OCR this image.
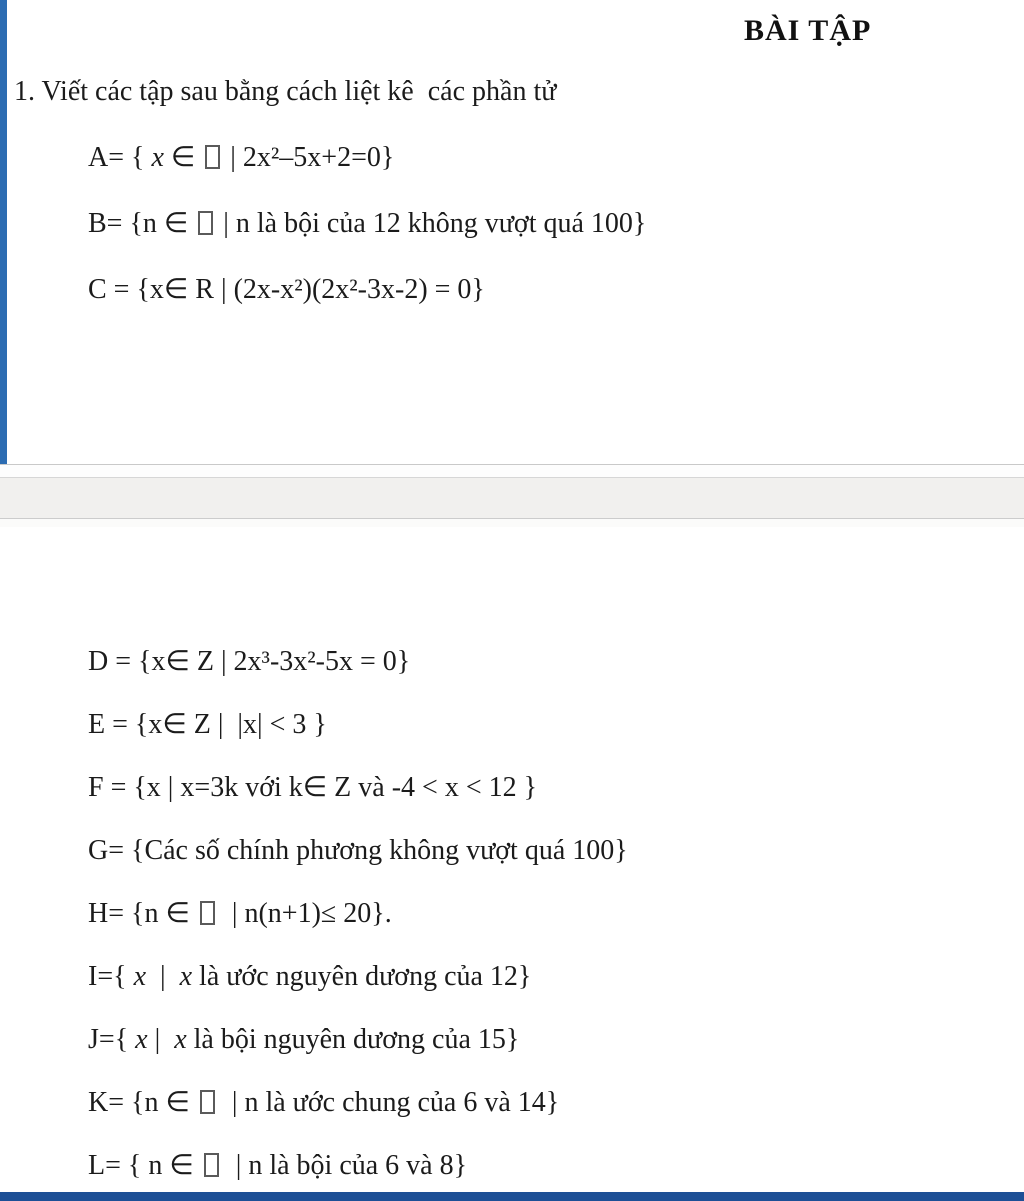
BÀI TẬP
1. Viết các tập sau bằng cách liệt kê  các phần tử
A= { x ∈  | 2x²–5x+2=0}
B= {n ∈  | n là bội của 12 không vượt quá 100}
C = {x∈ R | (2x-x²)(2x²-3x-2) = 0}
D = {x∈ Z | 2x³-3x²-5x = 0}
E = {x∈ Z |  |x| < 3 }
F = {x | x=3k với k∈ Z và -4 < x < 12 }
G= {Các số chính phương không vượt quá 100}
H= {n ∈   | n(n+1)≤ 20}.
I={ x  |  x là ước nguyên dương của 12}
J={ x |  x là bội nguyên dương của 15}
K= {n ∈   | n là ước chung của 6 và 14}
L= { n ∈   | n là bội của 6 và 8}
